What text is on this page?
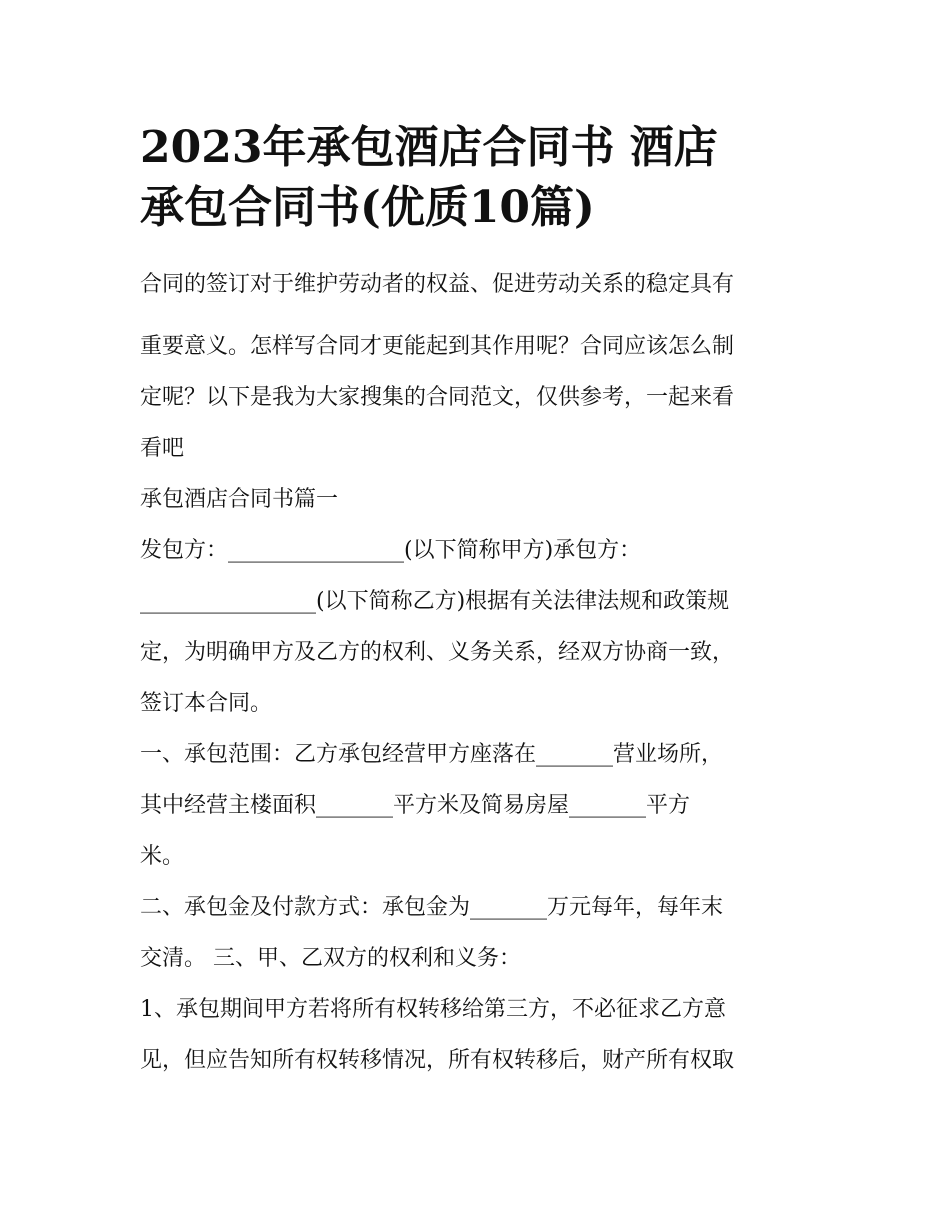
2023年承包酒店合同书 酒店
承包合同书(优质10篇)
合同的签订对于维护劳动者的权益、促进劳动关系的稳定具有
重要意义。怎样写合同才更能起到其作用呢？合同应该怎么制
定呢？以下是我为大家搜集的合同范文，仅供参考，一起来看
看吧
承包酒店合同书篇一
发包方：________________(以下简称甲方)承包方：
________________(以下简称乙方)根据有关法律法规和政策规
定，为明确甲方及乙方的权利、义务关系，经双方协商一致，
签订本合同。
一、承包范围：乙方承包经营甲方座落在_______营业场所，
其中经营主楼面积_______平方米及简易房屋_______平方
米。
二、承包金及付款方式：承包金为_______万元每年，每年末
交清。 三、甲、乙双方的权利和义务：
1、承包期间甲方若将所有权转移给第三方，不必征求乙方意
见，但应告知所有权转移情况，所有权转移后，财产所有权取
